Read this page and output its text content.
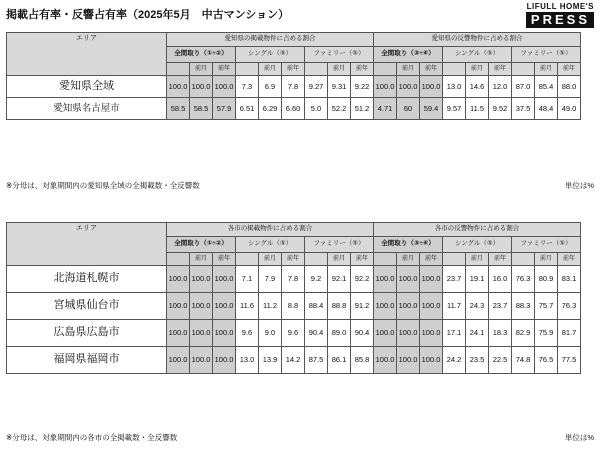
掲載占有率・反響占有率（2025年5月　中古マンション）
LIFULL HOME'S
PRESS
エリア	愛知県の掲載物件に占める割合									愛知県の反響物件に占める割合								
	全間取り（①÷②）			シングル（⑤）			ファミリー（⑤）			全間取り（③÷④）			シングル（⑤）			ファミリー（⑤）		
		前月	前年		前月	前年		前月	前年		前月	前年		前月	前年		前月	前年
愛知県全域	100.0	100.0	100.0	7.3	6.9	7.8	9.27	9.31	9.22	100.0	100.0	100.0	13.0	14.6	12.0	87.0	85.4	88.0
愛知県名古屋市	58.5	58.5	57.9	6.51	6.29	6.60	5.0	52.2	51.2	4.71	60	59.4	9.57	11.5	9.52	37.5	48.4	49.0
※分母は、対象期間内の愛知県全域の全掲載数・全反響数	単位は%
エリア	各市の掲載物件に占める割合									各市の反響物件に占める割合								
	全間取り（①÷②）			シングル（⑤）			ファミリー（⑤）			全間取り（③÷④）			シングル（⑤）			ファミリー（⑤）		
		前月	前年		前月	前年		前月	前年		前月	前年		前月	前年		前月	前年
北海道札幌市	100.0	100.0	100.0	7.1	7.9	7.8	9.2	92.1	92.2	100.0	100.0	100.0	23.7	19.1	16.0	76.3	80.9	83.1
宮城県仙台市	100.0	100.0	100.0	11.6	11.2	8.8	88.4	88.8	91.2	100.0	100.0	100.0	11.7	24.3	23.7	88.3	75.7	76.3
広島県広島市	100.0	100.0	100.0	9.6	9.0	9.6	90.4	89.0	90.4	100.0	100.0	100.0	17.1	24.1	18.3	82.9	75.9	81.7
福岡県福岡市	100.0	100.0	100.0	13.0	13.9	14.2	87.5	86.1	85.8	100.0	100.0	100.0	24.2	23.5	22.5	74.8	76.5	77.5
※分母は、対象期間内の各市の全掲載数・全反響数	単位は%
